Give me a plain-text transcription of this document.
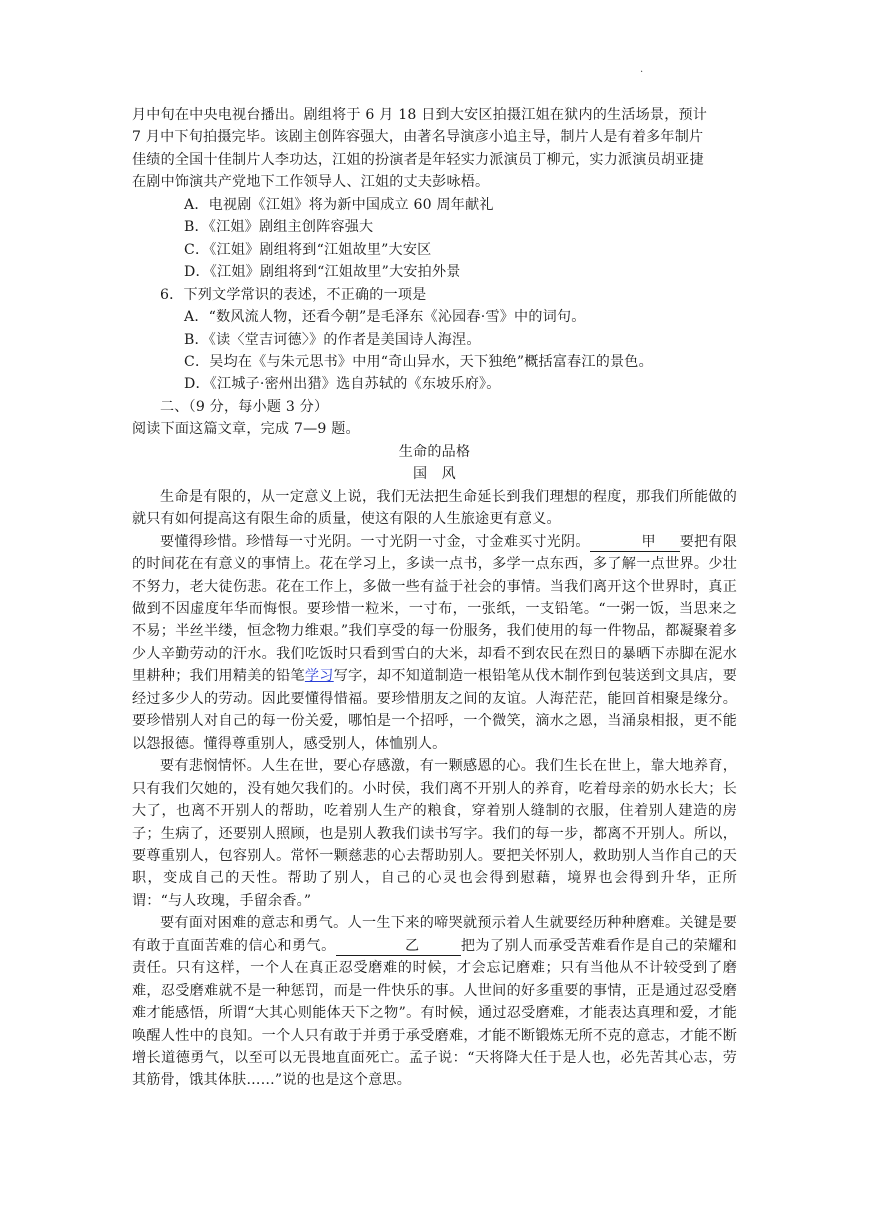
.

月中旬在中央电视台播出。剧组将于 6 月 18 日到大安区拍摄江姐在狱内的生活场景，预计

7 月中下旬拍摄完毕。该剧主创阵容强大，由著名导演彦小追主导，制片人是有着多年制片

佳绩的全国十佳制片人李功达，江姐的扮演者是年轻实力派演员丁柳元，实力派演员胡亚捷

在剧中饰演共产党地下工作领导人、江姐的丈夫彭咏梧。

A．电视剧《江姐》将为新中国成立 60 周年献礼

B．《江姐》剧组主创阵容强大

C．《江姐》剧组将到“江姐故里”大安区

D．《江姐》剧组将到“江姐故里”大安拍外景

6．下列文学常识的表述，不正确的一项是

A．“数风流人物，还看今朝”是毛泽东《沁园春·雪》中的词句。

B．《读〈堂吉诃德〉》的作者是美国诗人海涅。

C．吴均在《与朱元思书》中用“奇山异水，天下独绝”概括富春江的景色。

D．《江城子·密州出猎》选自苏轼的《东坡乐府》。

二、（9 分，每小题 3 分）

阅读下面这篇文章，完成 7—9 题。

生命的品格

国　风

生命是有限的，从一定意义上说，我们无法把生命延长到我们理想的程度，那我们所能做的就只有如何提高这有限生命的质量，使这有限的人生旅途更有意义。

要懂得珍惜。珍惜每一寸光阴。一寸光阴一寸金，寸金难买寸光阴。	甲 要把有限的时间花在有意义的事情上。花在学习上，多读一点书，多学一点东西，多了解一点世界。少壮不努力，老大徒伤悲。花在工作上，多做一些有益于社会的事情。当我们离开这个世界时，真正做到不因虚度年华而悔恨。要珍惜一粒米，一寸布，一张纸，一支铅笔。“一粥一饭，当思来之不易；半丝半缕，恒念物力维艰。”我们享受的每一份服务，我们使用的每一件物品，都凝聚着多少人辛勤劳动的汗水。我们吃饭时只看到雪白的大米，却看不到农民在烈日的暴晒下赤脚在泥水里耕种；我们用精美的铅笔学习写字，却不知道制造一根铅笔从伐木制作到包装送到文具店，要经过多少人的劳动。因此要懂得惜福。要珍惜朋友之间的友谊。人海茫茫，能回首相聚是缘分。要珍惜别人对自己的每一份关爱，哪怕是一个招呼，一个微笑，滴水之恩，当涌泉相报，更不能以怨报德。懂得尊重别人，感受别人，体恤别人。

要有悲悯情怀。人生在世，要心存感激，有一颗感恩的心。我们生长在世上，靠大地养育，只有我们欠她的，没有她欠我们的。小时侯，我们离不开别人的养育，吃着母亲的奶水长大；长大了，也离不开别人的帮助，吃着别人生产的粮食，穿着别人缝制的衣服，住着别人建造的房子；生病了，还要别人照顾，也是别人教我们读书写字。我们的每一步，都离不开别人。所以，要尊重别人，包容别人。常怀一颗慈悲的心去帮助别人。要把关怀别人，救助别人当作自己的天职，变成自己的天性。帮助了别人，自己的心灵也会得到慰藉，境界也会得到升华，正所谓：“与人玫瑰，手留余香。”

要有面对困难的意志和勇气。人一生下来的啼哭就预示着人生就要经历种种磨难。关键是要有敢于直面苦难的信心和勇气。	乙	把为了别人而承受苦难看作是自己的荣耀和责任。只有这样，一个人在真正忍受磨难的时候，才会忘记磨难；只有当他从不计较受到了磨难，忍受磨难就不是一种惩罚，而是一件快乐的事。人世间的好多重要的事情，正是通过忍受磨难才能感悟，所谓“大其心则能体天下之物”。有时候，通过忍受磨难，才能表达真理和爱，才能唤醒人性中的良知。一个人只有敢于并勇于承受磨难，才能不断锻炼无所不克的意志，才能不断增长道德勇气，以至可以无畏地直面死亡。孟子说：“天将降大任于是人也，必先苦其心志，劳其筋骨，饿其体肤……”说的也是这个意思。
